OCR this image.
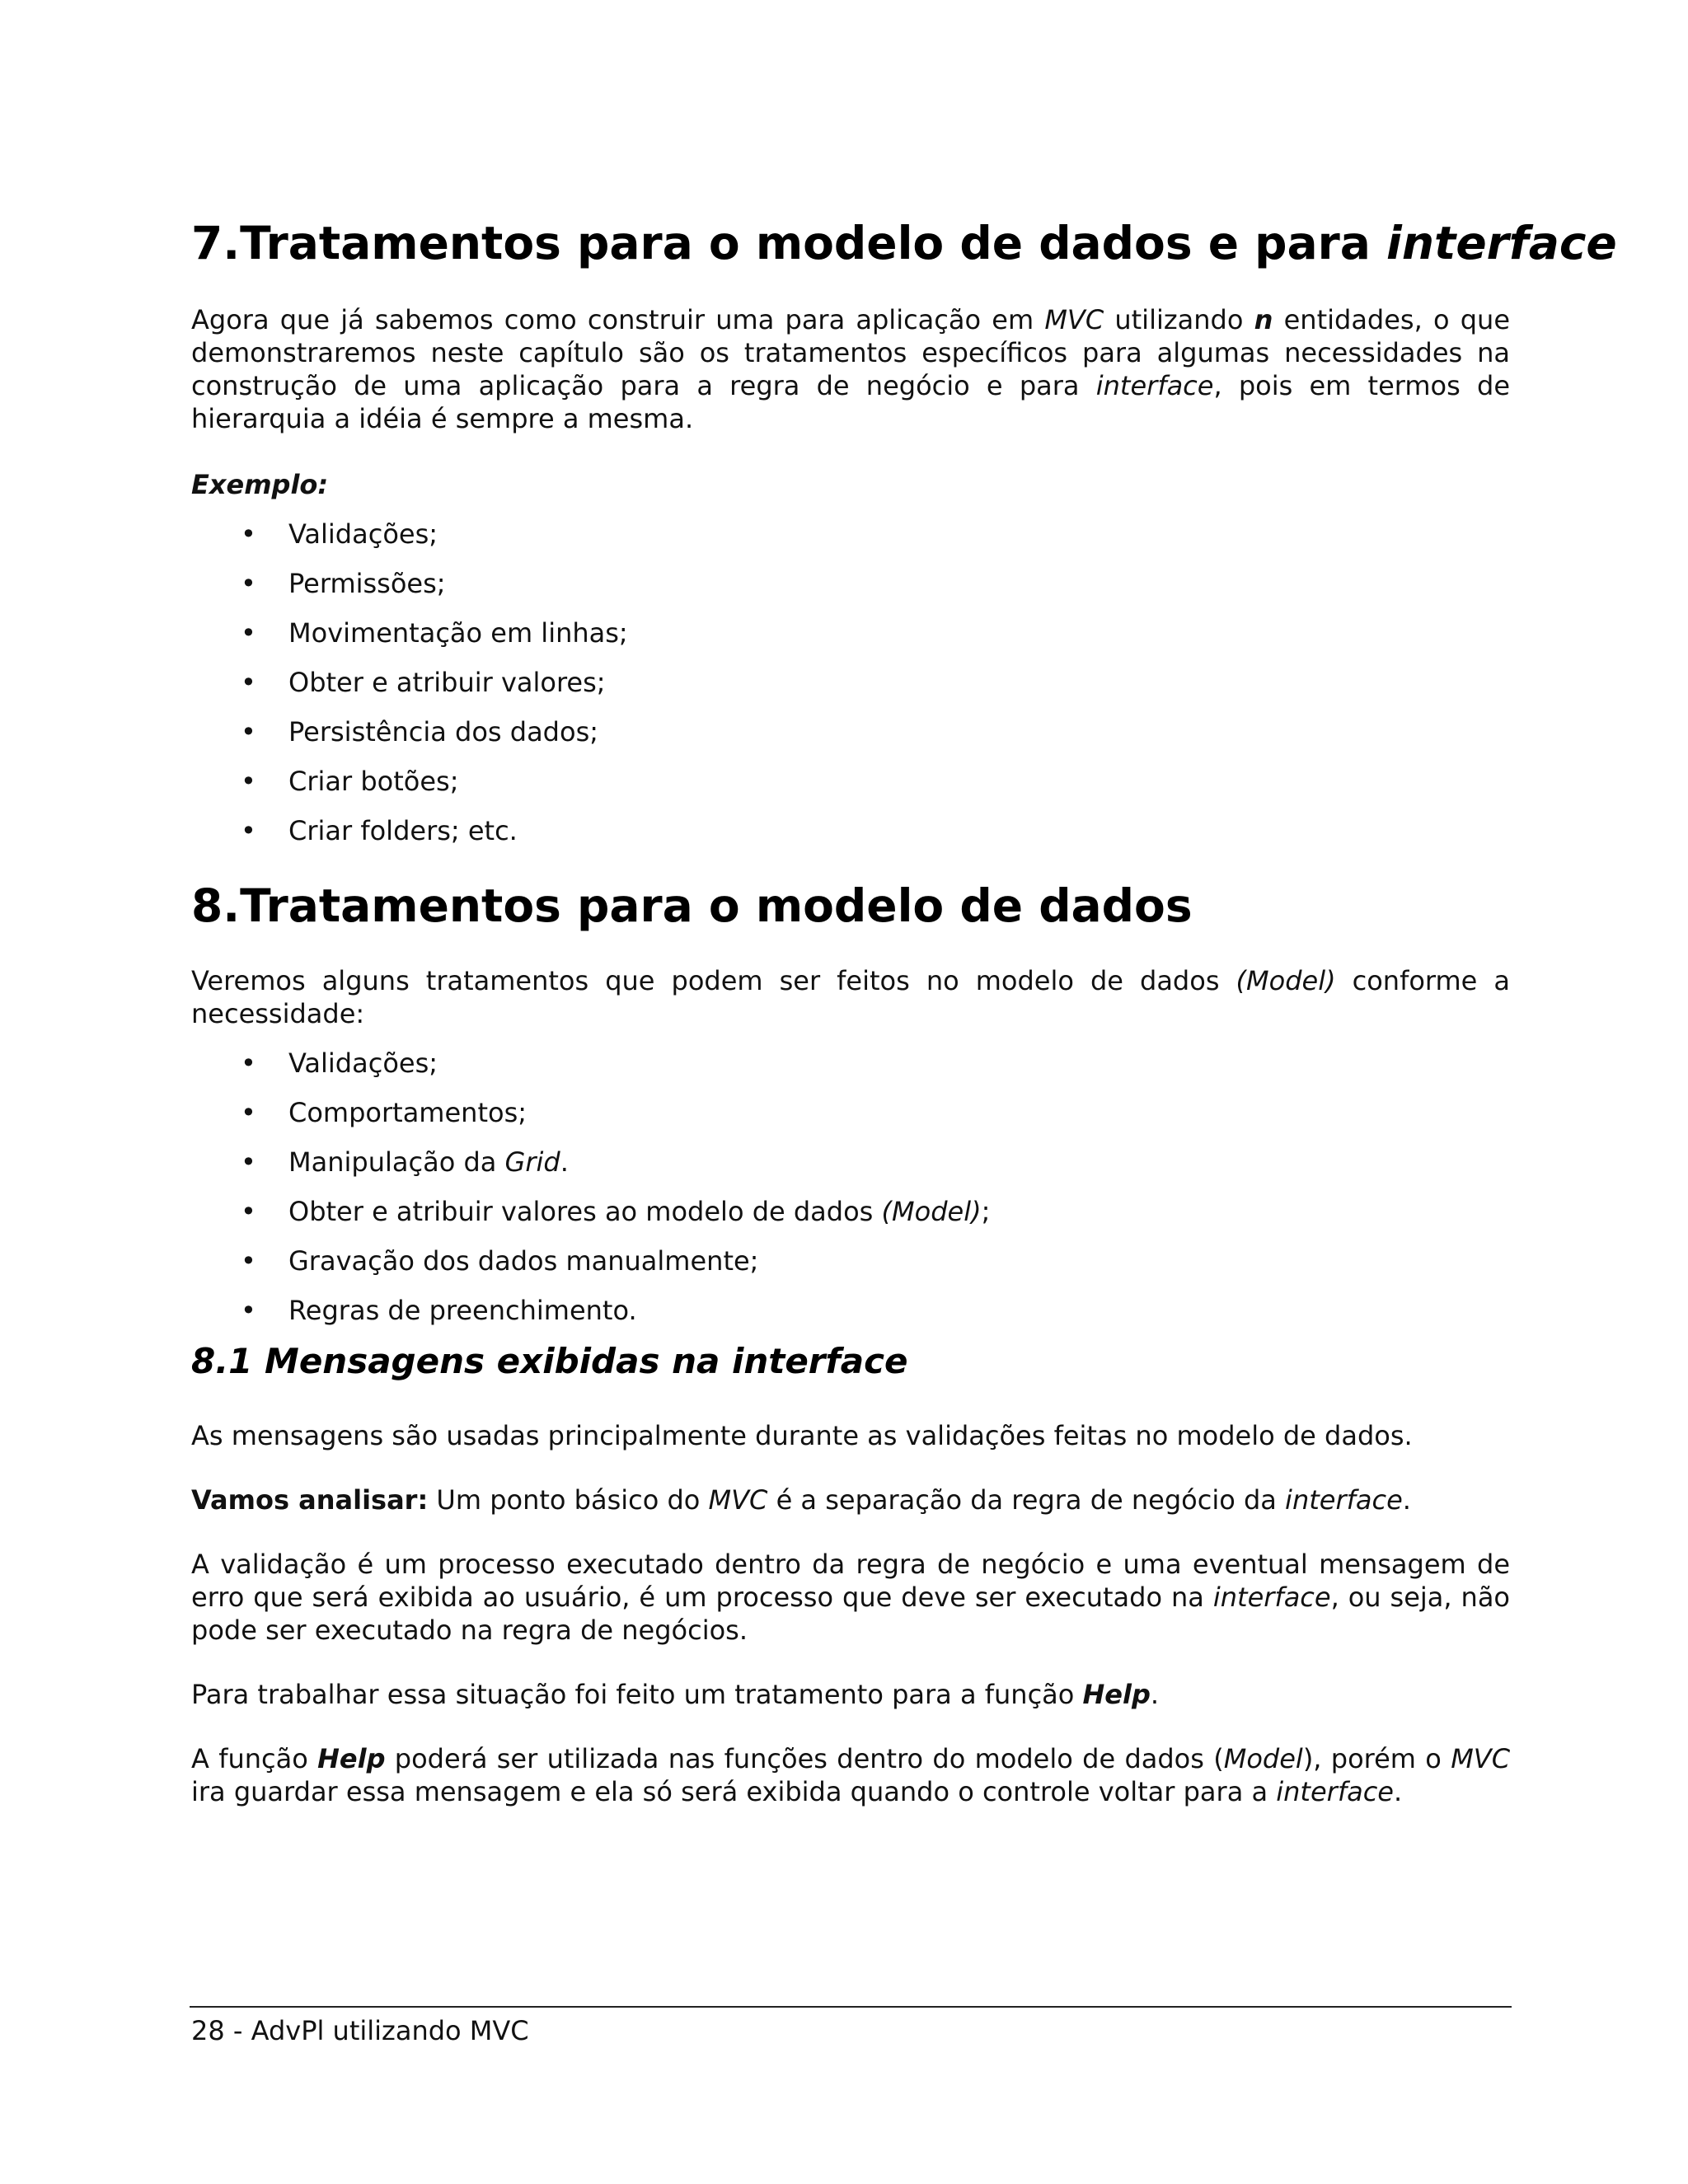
7.Tratamentos para o modelo de dados e para interface

Agora que já sabemos como construir uma para aplicação em MVC utilizando n entidades, o que demonstraremos neste capítulo são os tratamentos específicos para algumas necessidades na construção de uma aplicação para a regra de negócio e para interface, pois em termos de hierarquia a idéia é sempre a mesma.

Exemplo:

• Validações;
• Permissões;
• Movimentação em linhas;
• Obter e atribuir valores;
• Persistência dos dados;
• Criar botões;
• Criar folders; etc.
8.Tratamentos para o modelo de dados

Veremos alguns tratamentos que podem ser feitos no modelo de dados (Model) conforme a necessidade:

• Validações;
• Comportamentos;
• Manipulação da Grid.
• Obter e atribuir valores ao modelo de dados (Model);
• Gravação dos dados manualmente;
• Regras de preenchimento.
8.1 Mensagens exibidas na interface

As mensagens são usadas principalmente durante as validações feitas no modelo de dados.

Vamos analisar: Um ponto básico do MVC é a separação da regra de negócio da interface.

A validação é um processo executado dentro da regra de negócio e uma eventual mensagem de erro que será exibida ao usuário, é um processo que deve ser executado na interface, ou seja, não pode ser executado na regra de negócios.

Para trabalhar essa situação foi feito um tratamento para a função Help.

A função Help poderá ser utilizada nas funções dentro do modelo de dados (Model), porém o MVC ira guardar essa mensagem e ela só será exibida quando o controle voltar para a interface.

28 - AdvPl utilizando MVC
